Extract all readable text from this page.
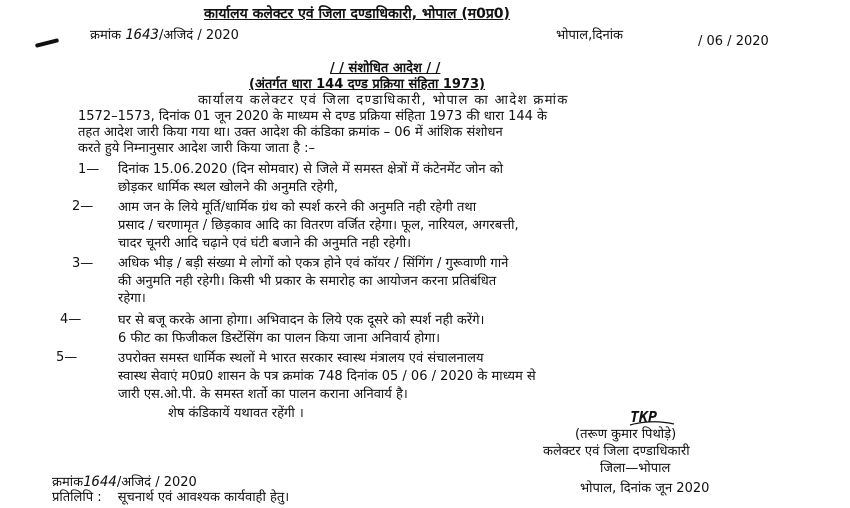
कार्यालय कलेक्टर एवं जिला दण्डाधिकारी, भोपाल (म0प्र0)
क्रमांक 1643/अजिदं / 2020	भोपाल,दिनांक	/ 06 / 2020
/ / संशोधित आदेश / /
(अंतर्गत धारा 144 दण्ड प्रक्रिया संहिता 1973)
कार्यालय कलेक्टर एवं जिला दण्डाधिकारी, भोपाल का आदेश क्रमांक
1572–1573, दिनांक 01 जून 2020 के माध्यम से दण्ड प्रक्रिया संहिता 1973 की धारा 144 के
तहत आदेश जारी किया गया था। उक्त आदेश की कंडिका क्रमांक – 06 में आंशिक संशोधन
करते हुये निम्नानुसार आदेश जारी किया जाता है :–
1— दिनांक 15.06.2020 (दिन सोमवार) से जिले में समस्त क्षेत्रों में कंटेनमेंट जोन को
छोड़कर धार्मिक स्थल खोलने की अनुमति रहेगी,
2— आम जन के लिये मूर्ति/धार्मिक ग्रंथ को स्पर्श करने की अनुमति नही रहेगी तथा
प्रसाद / चरणामृत / छिड़काव आदि का वितरण वर्जित रहेगा। फूल, नारियल, अगरबत्ती,
चादर चूनरी आदि चढ़ाने एवं घंटी बजाने की अनुमति नही रहेगी।
3— अधिक भीड़ / बड़ी संख्या मे लोगों को एकत्र होने एवं कॉयर / सिंगिंग / गुरूवाणी गाने
की अनुमति नही रहेगी। किसी भी प्रकार के समारोह का आयोजन करना प्रतिबंधित
रहेगा।
4—	घर से बजू करके आना होगा। अभिवादन के लिये एक दूसरे को स्पर्श नही करेंगे।
6 फीट का फिजीकल डिस्टेंसिंग का पालन किया जाना अनिवार्य होगा।
5—	उपरोक्त समस्त धार्मिक स्थलों मे भारत सरकार स्वास्थ मंत्रालय एवं संचालनालय
स्वास्थ सेवाएं म0प्र0 शासन के पत्र क्रमांक 748 दिनांक 05 / 06 / 2020 के माध्यम से
जारी एस.ओ.पी. के समस्त शर्तो का पालन कराना अनिवार्य है।
शेष कंडिकायें यथावत रहेंगी ।	TKP
(तरूण कुमार पिथोड़े)
कलेक्टर एवं जिला दण्डाधिकारी
जिला—भोपाल
क्रमांक1644/अजिदं / 2020	भोपाल, दिनांक जून 2020
प्रतिलिपि : सूचनार्थ एवं आवश्यक कार्यवाही हेतु।
